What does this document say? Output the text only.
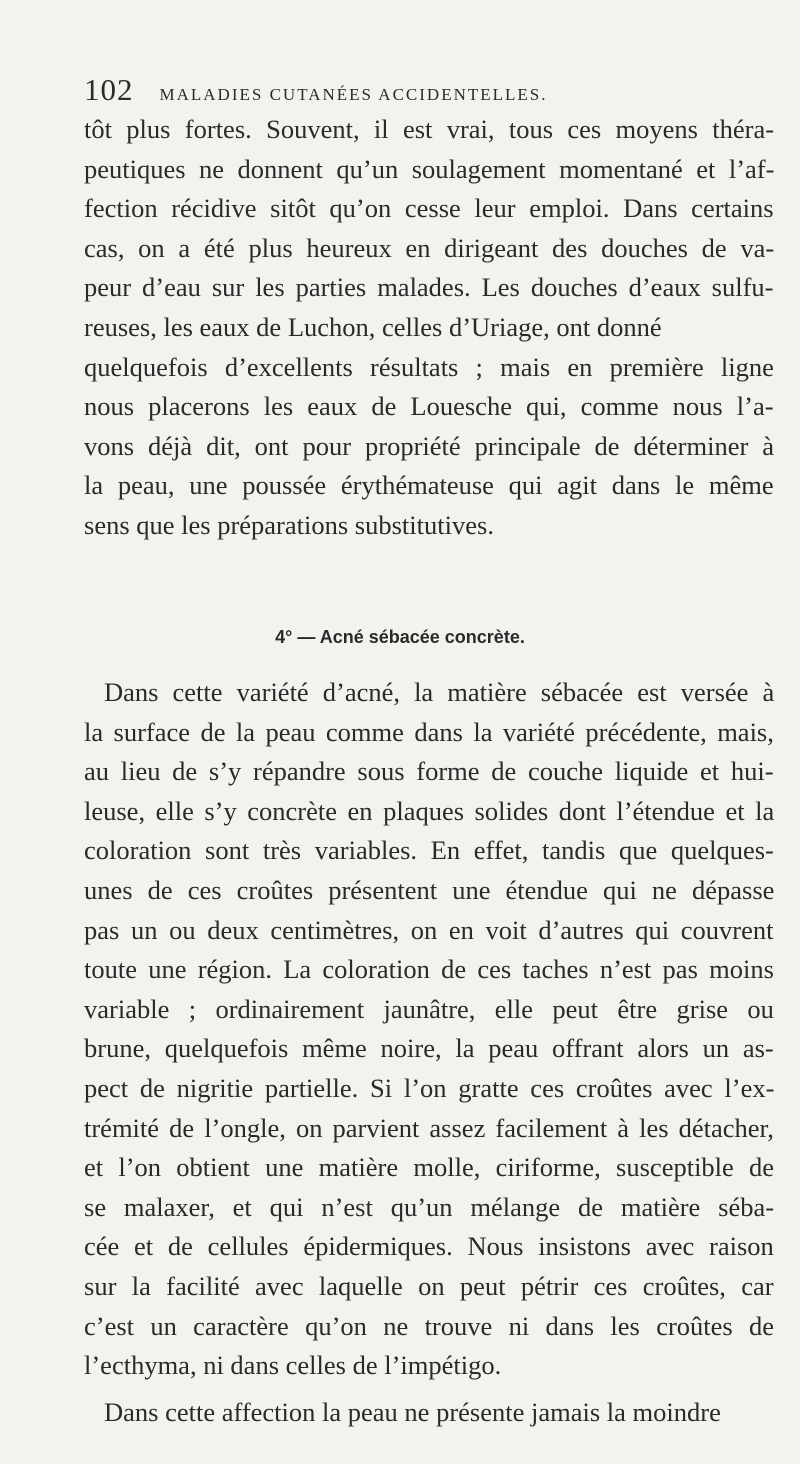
102 MALADIES CUTANÉES ACCIDENTELLES.

tôt plus fortes. Souvent, il est vrai, tous ces moyens théra-
peutiques ne donnent qu’un soulagement momentané et l’af-
fection récidive sitôt qu’on cesse leur emploi. Dans certains
cas, on a été plus heureux en dirigeant des douches de va-
peur d’eau sur les parties malades. Les douches d’eaux sulfu-
reuses, les eaux de Luchon, celles d’Uriage, ont donné
quelquefois d’excellents résultats ; mais en première ligne
nous placerons les eaux de Louesche qui, comme nous l’a-
vons déjà dit, ont pour propriété principale de déterminer à
la peau, une poussée érythémateuse qui agit dans le même
sens que les préparations substitutives.

4° — Acné sébacée concrète.

Dans cette variété d’acné, la matière sébacée est versée à
la surface de la peau comme dans la variété précédente, mais,
au lieu de s’y répandre sous forme de couche liquide et hui-
leuse, elle s’y concrète en plaques solides dont l’étendue et la
coloration sont très variables. En effet, tandis que quelques-
unes de ces croûtes présentent une étendue qui ne dépasse
pas un ou deux centimètres, on en voit d’autres qui couvrent
toute une région. La coloration de ces taches n’est pas moins
variable ; ordinairement jaunâtre, elle peut être grise ou
brune, quelquefois même noire, la peau offrant alors un as-
pect de nigritie partielle. Si l’on gratte ces croûtes avec l’ex-
trémité de l’ongle, on parvient assez facilement à les détacher,
et l’on obtient une matière molle, ciriforme, susceptible de
se malaxer, et qui n’est qu’un mélange de matière séba-
cée et de cellules épidermiques. Nous insistons avec raison
sur la facilité avec laquelle on peut pétrir ces croûtes, car
c’est un caractère qu’on ne trouve ni dans les croûtes de
l’ecthyma, ni dans celles de l’impétigo.

Dans cette affection la peau ne présente jamais la moindre
